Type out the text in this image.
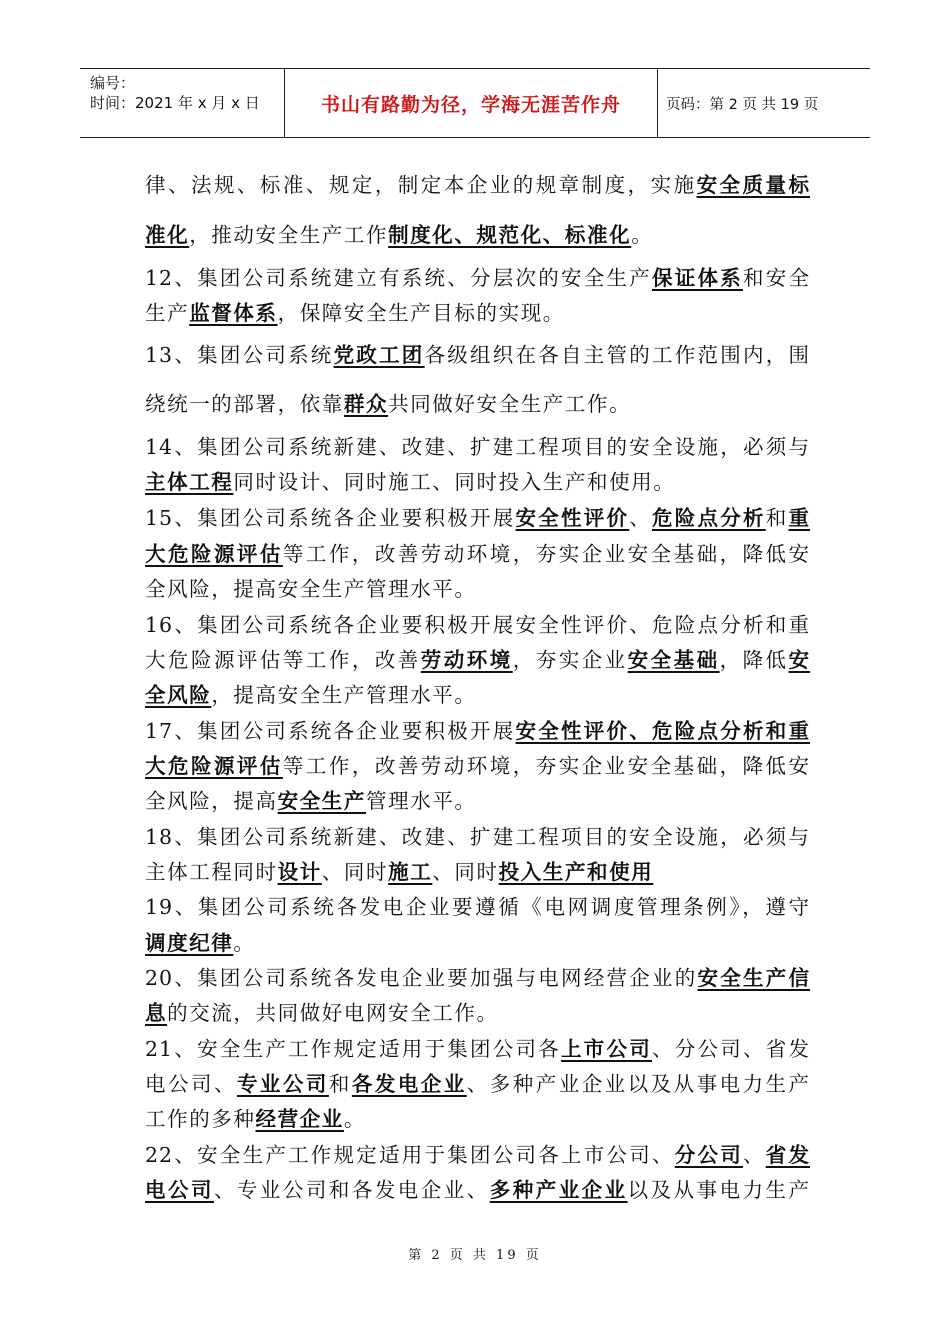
编号：
时间：2021 年 x 月 x 日	书山有路勤为径，学海无涯苦作舟	页码：第 2 页 共 19 页
律、法规、标准、规定，制定本企业的规章制度，实施安全质量标
准化，推动安全生产工作制度化、规范化、标准化。
12、集团公司系统建立有系统、分层次的安全生产保证体系和安全
生产监督体系，保障安全生产目标的实现。
13、集团公司系统党政工团各级组织在各自主管的工作范围内，围
绕统一的部署，依靠群众共同做好安全生产工作。
14、集团公司系统新建、改建、扩建工程项目的安全设施，必须与
主体工程同时设计、同时施工、同时投入生产和使用。
15、集团公司系统各企业要积极开展安全性评价、危险点分析和重
大危险源评估等工作，改善劳动环境，夯实企业安全基础，降低安
全风险，提高安全生产管理水平。
16、集团公司系统各企业要积极开展安全性评价、危险点分析和重
大危险源评估等工作，改善劳动环境，夯实企业安全基础，降低安
全风险，提高安全生产管理水平。
17、集团公司系统各企业要积极开展安全性评价、危险点分析和重
大危险源评估等工作，改善劳动环境，夯实企业安全基础，降低安
全风险，提高安全生产管理水平。
18、集团公司系统新建、改建、扩建工程项目的安全设施，必须与
主体工程同时设计、同时施工、同时投入生产和使用
19、集团公司系统各发电企业要遵循《电网调度管理条例》，遵守
调度纪律。
20、集团公司系统各发电企业要加强与电网经营企业的安全生产信
息的交流，共同做好电网安全工作。
21、安全生产工作规定适用于集团公司各上市公司、分公司、省发
电公司、专业公司和各发电企业、多种产业企业以及从事电力生产
工作的多种经营企业。
22、安全生产工作规定适用于集团公司各上市公司、分公司、省发
电公司、专业公司和各发电企业、多种产业企业以及从事电力生产
第 2 页 共 19 页
